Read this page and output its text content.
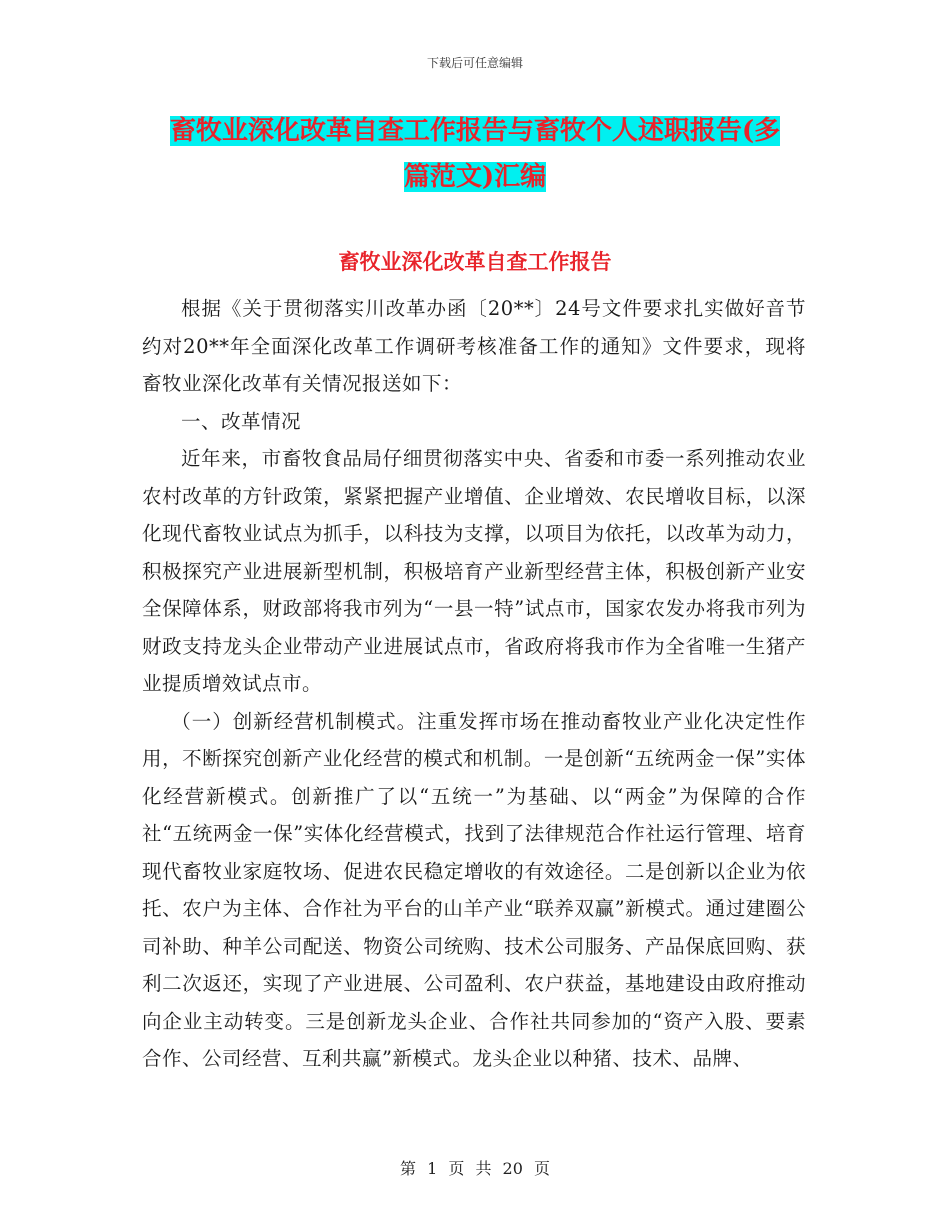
下载后可任意编辑
畜牧业深化改革自查工作报告与畜牧个人述职报告(多
篇范文)汇编
畜牧业深化改革自查工作报告

根据《关于贯彻落实川改革办函〔20**〕24号文件要求扎实做好音节约对20**年全面深化改革工作调研考核准备工作的通知》文件要求，现将畜牧业深化改革有关情况报送如下：

一、改革情况

近年来，市畜牧食品局仔细贯彻落实中央、省委和市委一系列推动农业农村改革的方针政策，紧紧把握产业增值、企业增效、农民增收目标，以深化现代畜牧业试点为抓手，以科技为支撑，以项目为依托，以改革为动力，积极探究产业进展新型机制，积极培育产业新型经营主体，积极创新产业安全保障体系，财政部将我市列为“一县一特”试点市，国家农发办将我市列为财政支持龙头企业带动产业进展试点市，省政府将我市作为全省唯一生猪产业提质增效试点市。

（一）创新经营机制模式。注重发挥市场在推动畜牧业产业化决定性作用，不断探究创新产业化经营的模式和机制。一是创新“五统两金一保”实体化经营新模式。创新推广了以“五统一”为基础、以“两金”为保障的合作社“五统两金一保”实体化经营模式，找到了法律规范合作社运行管理、培育现代畜牧业家庭牧场、促进农民稳定增收的有效途径。二是创新以企业为依托、农户为主体、合作社为平台的山羊产业“联养双赢”新模式。通过建圈公司补助、种羊公司配送、物资公司统购、技术公司服务、产品保底回购、获利二次返还，实现了产业进展、公司盈利、农户获益，基地建设由政府推动向企业主动转变。三是创新龙头企业、合作社共同参加的“资产入股、要素合作、公司经营、互利共赢”新模式。龙头企业以种猪、技术、品牌、

第 1 页 共 20 页
